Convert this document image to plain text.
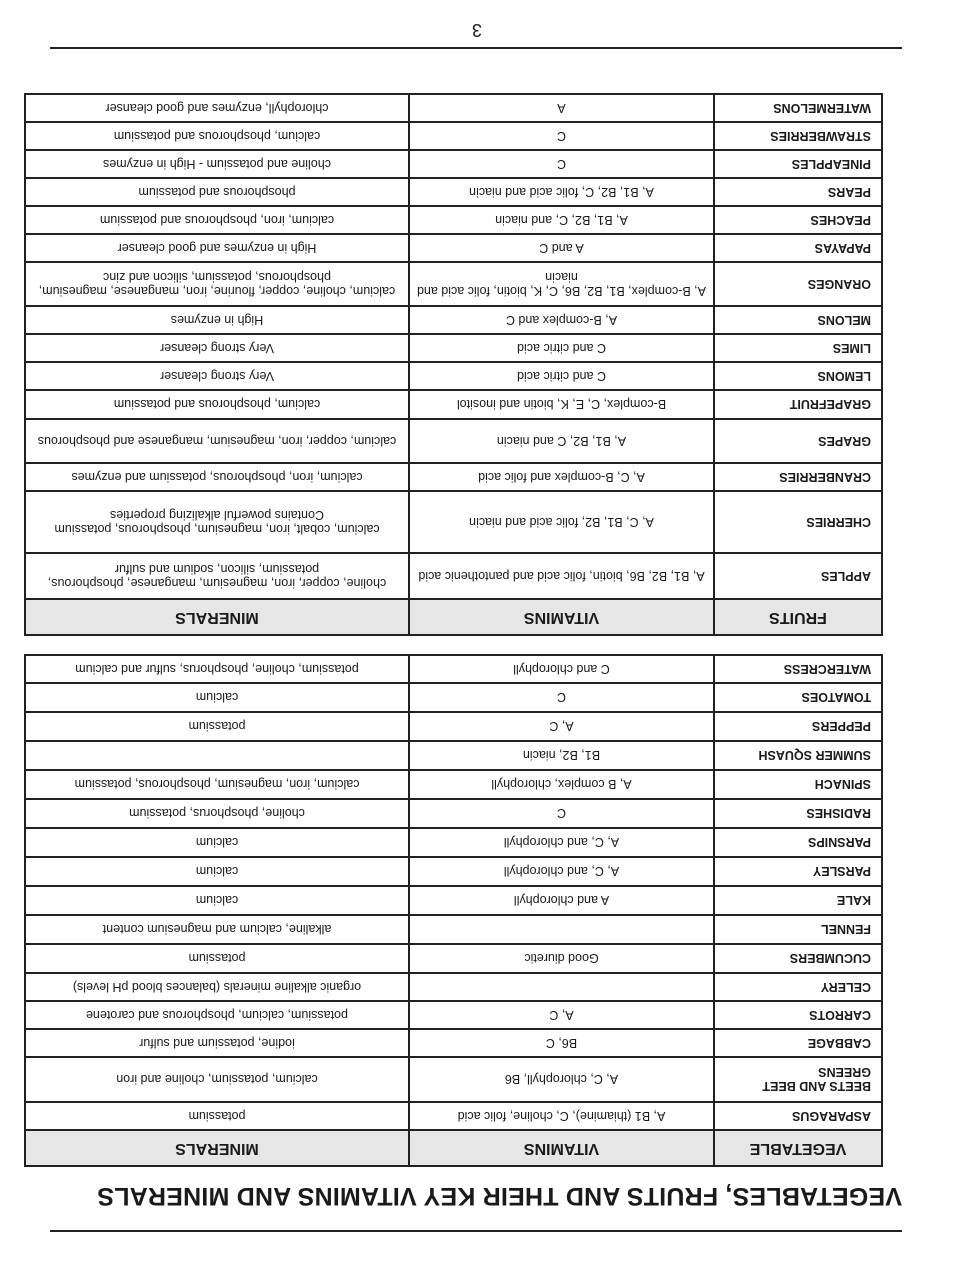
VEGETABLES, FRUITS AND THEIR KEY VITAMINS AND MINERALS
VEGETABLE	VITAMINS	MINERALS
ASPARAGUS	A, B1 (thiamine), C, choline, folic acid	potassium
BEETS AND BEET GREENS	A, C, chlorophyll, B6	calcium, potassium, choline and iron
CABBAGE	B6, C	iodine, potassium and sulfur
CARROTS	A, C	potassium, calcium, phosphorous and carotene
CELERY		organic alkaline minerals (balances blood pH levels)
CUCUMBERS	Good diuretic	potassium
FENNEL		alkaline, calcium and magnesium content
KALE	A and chlorophyll	calcium
PARSLEY	A, C, and chlorophyll	calcium
PARSNIPS	A, C, and chlorophyll	calcium
RADISHES	C	choline, phosphorus, potassium
SPINACH	A, B complex, chlorophyll	calcium, iron, magnesium, phosphorous, potassium
SUMMER SQUASH	B1, B2, niacin	
PEPPERS	A, C	potassium
TOMATOES	C	calcium
WATERCRESS	C and chlorophyll	potassium, choline, phosphorus, sulfur and calcium
FRUITS	VITAMINS	MINERALS
APPLES	A, B1, B2, B6, biotin, folic acid and pantothenic acid	choline, copper, iron, magnesium, manganese, phosphorous, potassium, silicon, sodium and sulfur
CHERRIES	A, C, B1, B2, folic acid and niacin	calcium, cobalt, iron, magnesium, phosphorous, potassium Contains powerful alkalizing properties
CRANBERRIES	A, C, B-complex and folic acid	calcium, iron, phosphorous, potassium and enzymes
GRAPES	A, B1, B2, C and niacin	calcium, copper, iron, magnesium, manganese and phosphorous
GRAPEFRUIT	B-complex, C, E, K, biotin and inositol	calcium, phosphorous and potassium
LEMONS	C and citric acid	Very strong cleanser
LIMES	C and citric acid	Very strong cleanser
MELONS	A, B-complex and C	High in enzymes
ORANGES	A, B-complex, B1, B2, B6, C, K, biotin, folic acid and niacin	calcium, choline, copper, flourine, iron, manganese, magnesium, phosphorous, potassium, silicon and zinc
PAPAYAS	A and C	High in enzymes and good cleanser
PEACHES	A, B1, B2, C, and niacin	calcium, iron, phosphorous and potassium
PEARS	A, B1, B2, C, folic acid and niacin	phosphorous and potassium
PINEAPPLES	C	choline and potassium - High in enzymes
STRAWBERRIES	C	calcium, phosphorous and potassium
WATERMELONS	A	chlorophyll, enzymes and good cleanser
3
